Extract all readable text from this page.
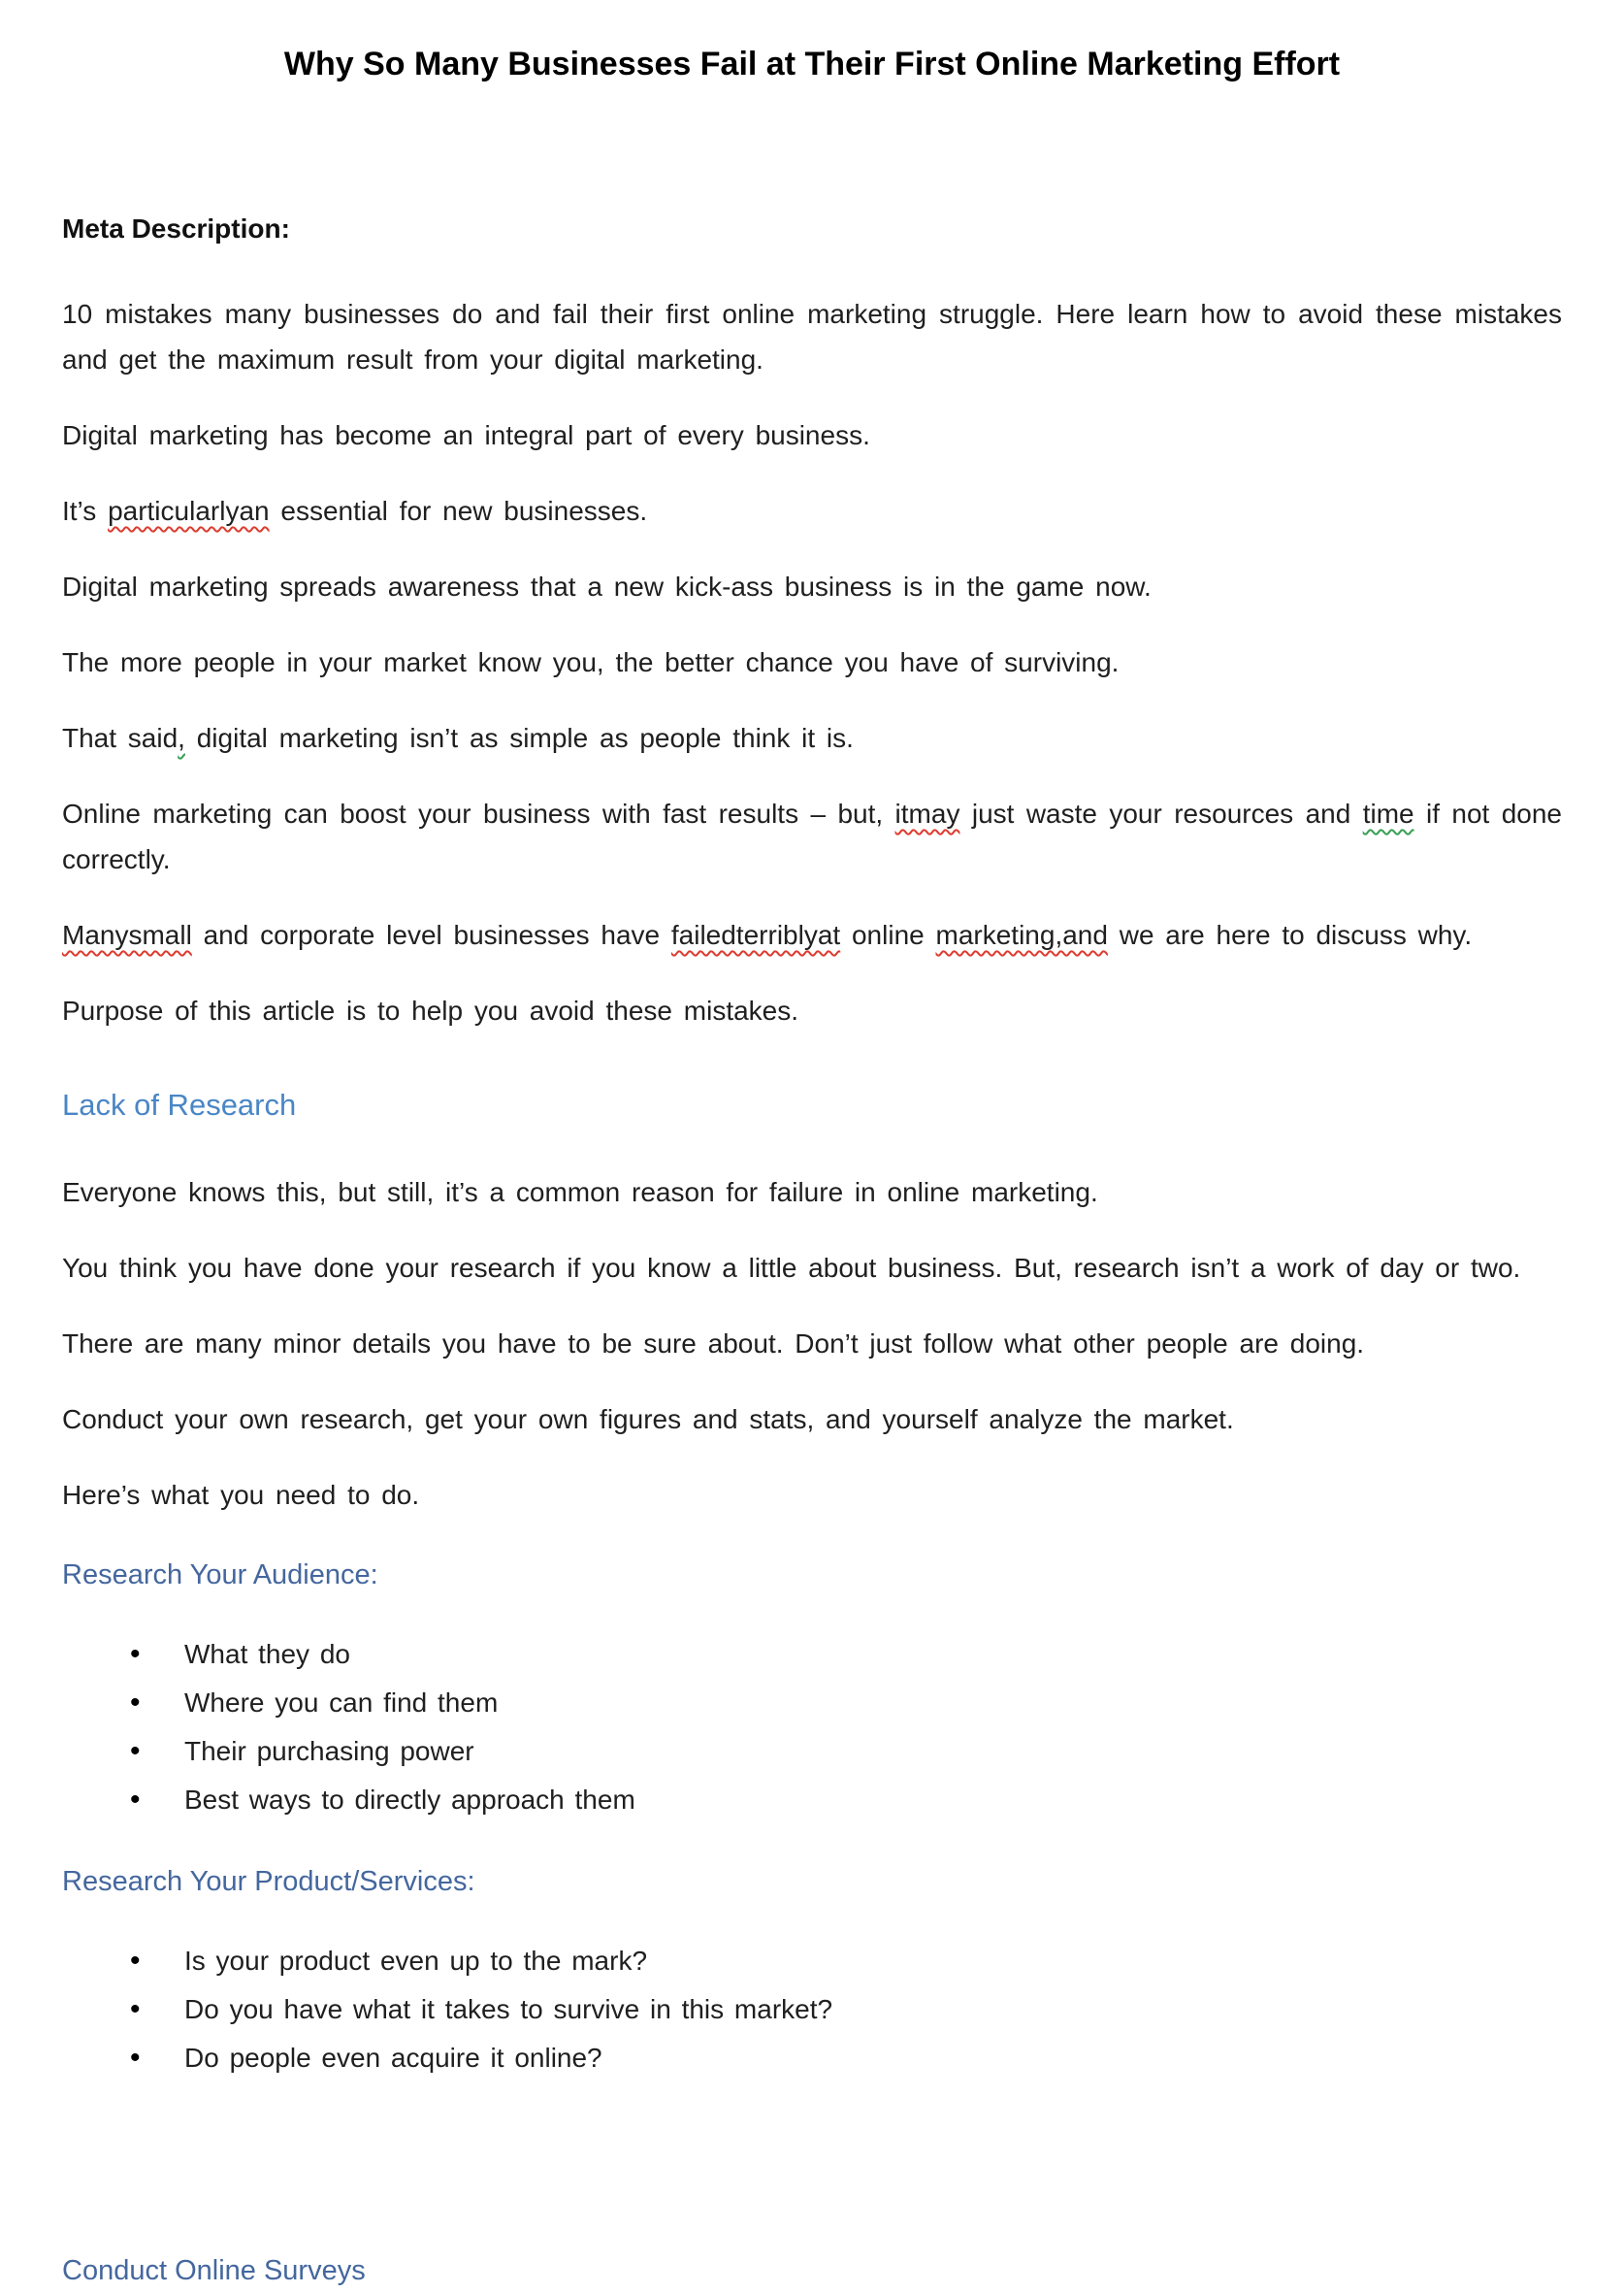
Why So Many Businesses Fail at Their First Online Marketing Effort

Meta Description:

10 mistakes many businesses do and fail their first online marketing struggle. Here learn how to avoid these mistakes and get the maximum result from your digital marketing.

Digital marketing has become an integral part of every business.

It’s particularlyan essential for new businesses.

Digital marketing spreads awareness that a new kick-ass business is in the game now.

The more people in your market know you, the better chance you have of surviving.

That said, digital marketing isn’t as simple as people think it is.

Online marketing can boost your business with fast results – but, itmay just waste your resources and time if not done correctly.

Manysmall and corporate level businesses have failedterriblyat online marketing,and we are here to discuss why.

Purpose of this article is to help you avoid these mistakes.

Lack of Research

Everyone knows this, but still, it’s a common reason for failure in online marketing.

You think you have done your research if you know a little about business. But, research isn’t a work of day or two.

There are many minor details you have to be sure about. Don’t just follow what other people are doing.

Conduct your own research, get your own figures and stats, and yourself analyze the market.

Here’s what you need to do.

Research Your Audience:
• What they do
• Where you can find them
• Their purchasing power
• Best ways to directly approach them
Research Your Product/Services:
• Is your product even up to the mark?
• Do you have what it takes to survive in this market?
• Do people even acquire it online?
Conduct Online Surveys
